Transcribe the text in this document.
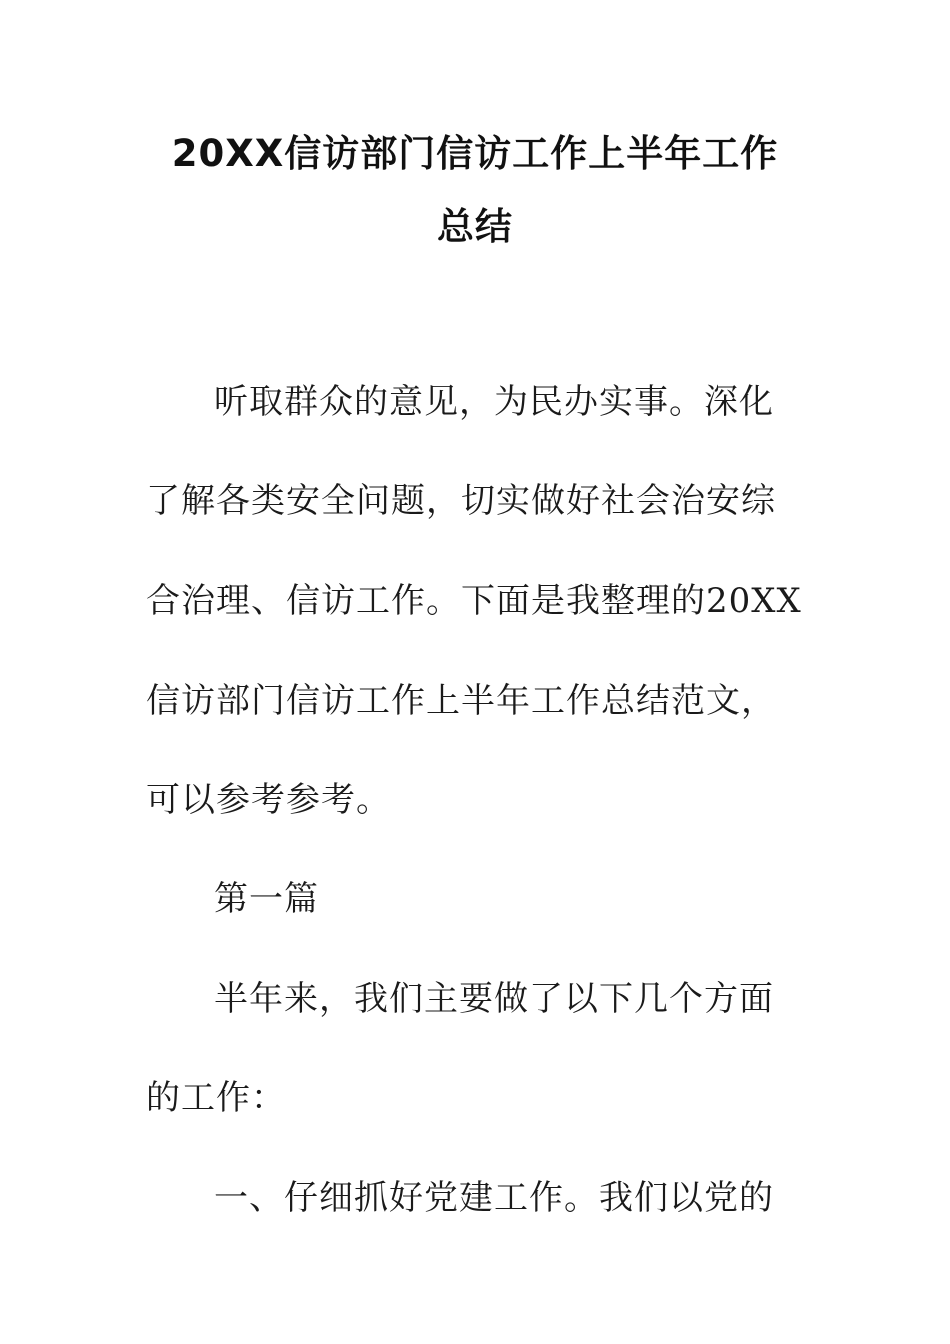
20XX信访部门信访工作上半年工作
总结
听取群众的意见，为民办实事。深化
了解各类安全问题，切实做好社会治安综
合治理、信访工作。下面是我整理的20XX
信访部门信访工作上半年工作总结范文，
可以参考参考。
第一篇
半年来，我们主要做了以下几个方面
的工作：
一、仔细抓好党建工作。我们以党的
